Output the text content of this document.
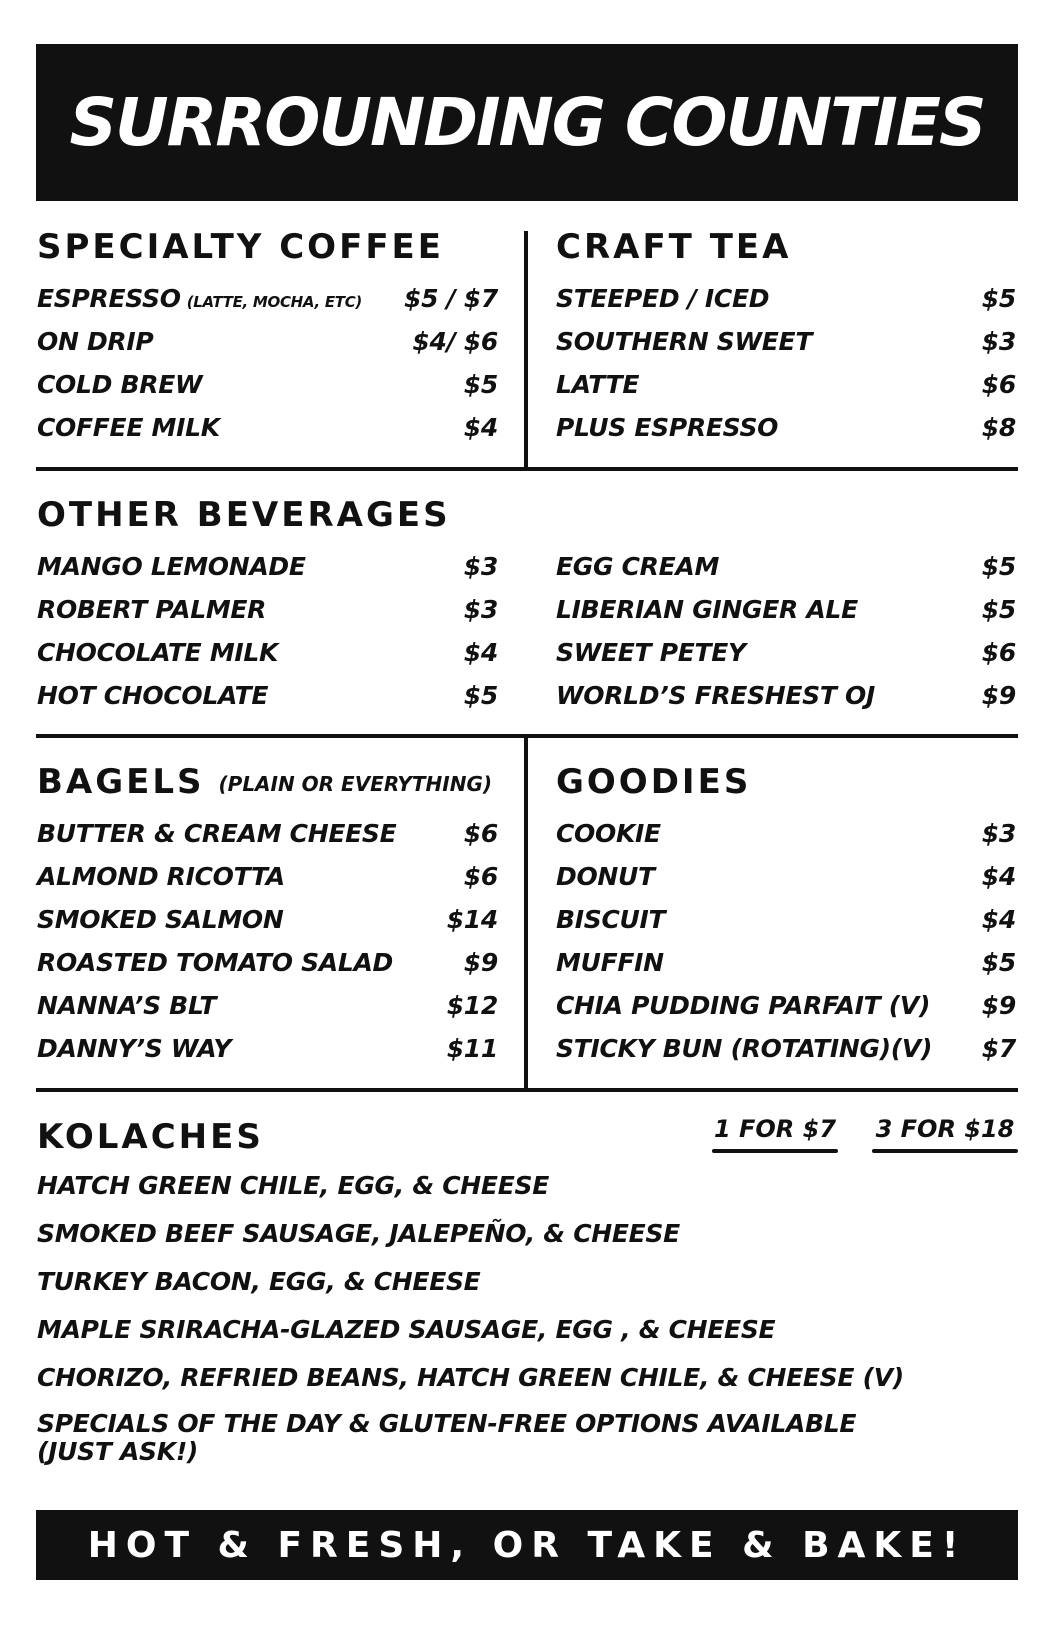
SURROUNDING COUNTIES
SPECIALTY COFFEE
ESPRESSO (LATTE, MOCHA, ETC) $5 / $7
ON DRIP	$4/ $6
COLD BREW	$5
COFFEE MILK	$4
CRAFT TEA
STEEPED / ICED	$5
SOUTHERN SWEET	$3
LATTE	$6
PLUS ESPRESSO	$8
OTHER BEVERAGES
MANGO LEMONADE	$3
ROBERT PALMER	$3
CHOCOLATE MILK	$4
HOT CHOCOLATE	$5
EGG CREAM	$5
LIBERIAN GINGER ALE	$5
SWEET PETEY	$6
WORLD’S FRESHEST OJ	$9
BAGELS (PLAIN OR EVERYTHING)
BUTTER & CREAM CHEESE	$6
ALMOND RICOTTA	$6
SMOKED SALMON	$14
ROASTED TOMATO SALAD	$9
NANNA’S BLT	$12
DANNY’S WAY	$11
GOODIES
COOKIE	$3
DONUT	$4
BISCUIT	$4
MUFFIN	$5
CHIA PUDDING PARFAIT (V) $9
STICKY BUN (ROTATING)(V) $7
KOLACHES	1 FOR $7 3 FOR $18
HATCH GREEN CHILE, EGG, & CHEESE
SMOKED BEEF SAUSAGE, JALEPEÑO, & CHEESE
TURKEY BACON, EGG, & CHEESE
MAPLE SRIRACHA-GLAZED SAUSAGE, EGG , & CHEESE
CHORIZO, REFRIED BEANS, HATCH GREEN CHILE, & CHEESE (V)
SPECIALS OF THE DAY & GLUTEN-FREE OPTIONS AVAILABLE (JUST ASK!)
HOT & FRESH, OR TAKE & BAKE!
